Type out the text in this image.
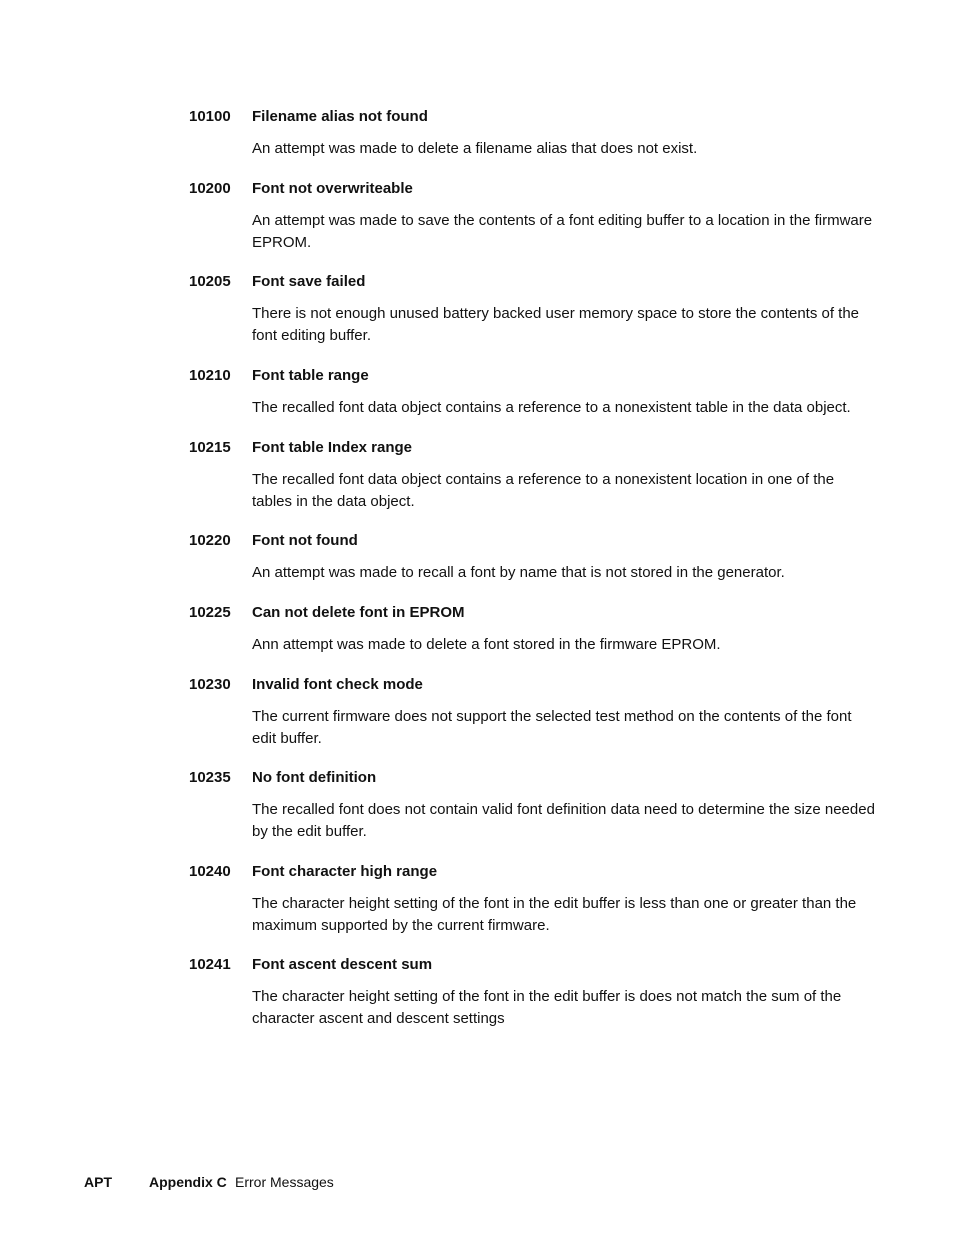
10100 Filename alias not found

An attempt was made to delete a filename alias that does not exist.

10200 Font not overwriteable

An attempt was made to save the contents of a font editing buffer to a location in the firmware EPROM.

10205 Font save failed

There is not enough unused battery backed user memory space to store the contents of the font editing buffer.

10210 Font table range

The recalled font data object contains a reference to a nonexistent table in the data object.

10215 Font table Index range

The recalled font data object contains a reference to a nonexistent location in one of the tables in the data object.

10220 Font not found

An attempt was made to recall a font by name that is not stored in the generator.

10225 Can not delete font in EPROM

Ann attempt was made to delete a font stored in the firmware EPROM.

10230 Invalid font check mode

The current firmware does not support the selected test method on the contents of the font edit buffer.

10235 No font definition

The recalled font does not contain valid font definition data need to determine the size needed by the edit buffer.

10240 Font character high range

The character height setting of the font in the edit buffer is less than one or greater than the maximum supported by the current firmware.

10241 Font ascent descent sum

The character height setting of the font in the edit buffer is does not match the sum of the character ascent and descent settings

APT	Appendix C Error Messages
